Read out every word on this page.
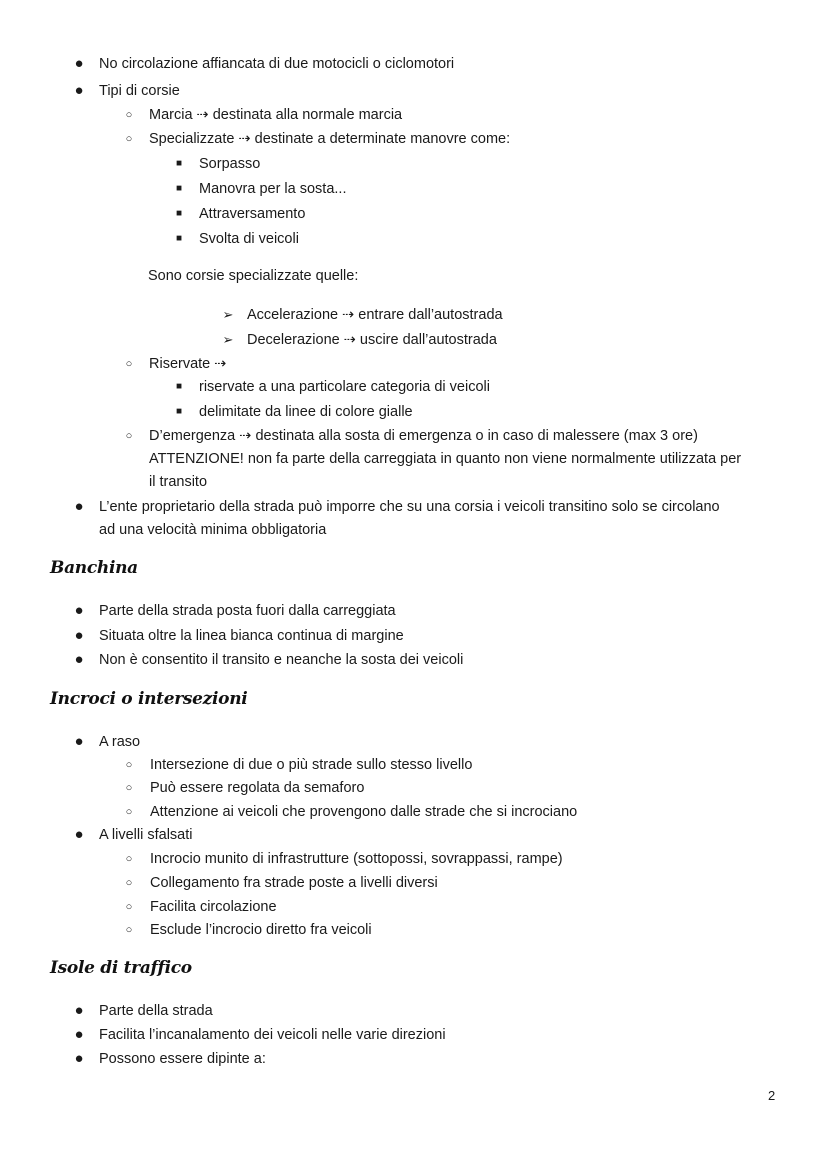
● No circolazione affiancata di due motocicli o ciclomotori
● Tipi di corsie
○ Marcia ⇢ destinata alla normale marcia
○ Specializzate ⇢ destinate a determinate manovre come:
■ Sorpasso
■ Manovra per la sosta...
■ Attraversamento
■ Svolta di veicoli
Sono corsie specializzate quelle:
➢ Accelerazione ⇢ entrare dall’autostrada
➢ Decelerazione ⇢ uscire dall’autostrada
○ Riservate ⇢
■ riservate a una particolare categoria di veicoli
■ delimitate da linee di colore gialle
○ D’emergenza ⇢ destinata alla sosta di emergenza o in caso di malessere (max 3 ore)
ATTENZIONE! non fa parte della carreggiata in quanto non viene normalmente utilizzata per
il transito
● L’ente proprietario della strada può imporre che su una corsia i veicoli transitino solo se circolano
ad una velocità minima obbligatoria
Banchina
● Parte della strada posta fuori dalla carreggiata
● Situata oltre la linea bianca continua di margine
● Non è consentito il transito e neanche la sosta dei veicoli
Incroci o intersezioni
● A raso
○ Intersezione di due o più strade sullo stesso livello
○ Può essere regolata da semaforo
○ Attenzione ai veicoli che provengono dalle strade che si incrociano
● A livelli sfalsati
○ Incrocio munito di infrastrutture (sottopossi, sovrappassi, rampe)
○ Collegamento fra strade poste a livelli diversi
○ Facilita circolazione
○ Esclude l’incrocio diretto fra veicoli
Isole di traffico
● Parte della strada
● Facilita l’incanalamento dei veicoli nelle varie direzioni
● Possono essere dipinte a:
2
